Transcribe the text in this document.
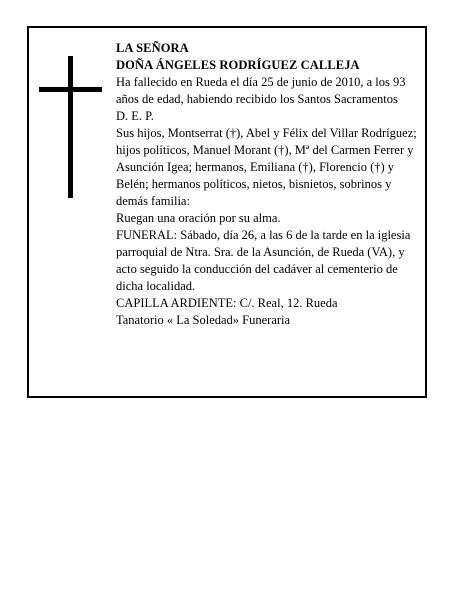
LA SEÑORA
DOÑA ÁNGELES RODRÍGUEZ CALLEJA
Ha fallecido en Rueda el día 25 de junio de 2010, a los 93 años de edad, habiendo recibido los Santos Sacramentos
D. E. P.
Sus hijos, Montserrat (†), Abel y Félix del Villar Rodríguez; hijos políticos, Manuel Morant (†), Mª del Carmen Ferrer y Asunción Igea; hermanos, Emiliana (†), Florencio (†) y Belén; hermanos políticos, nietos, bisnietos, sobrinos y demás familia:
Ruegan una oración por su alma.
FUNERAL: Sábado, día 26, a las 6 de la tarde en la iglesia parroquial de Ntra. Sra. de la Asunción, de Rueda (VA), y acto seguido la conducción del cadáver al cementerio de dicha localidad.
CAPILLA ARDIENTE: C/. Real, 12. Rueda
Tanatorio « La Soledad» Funeraria
